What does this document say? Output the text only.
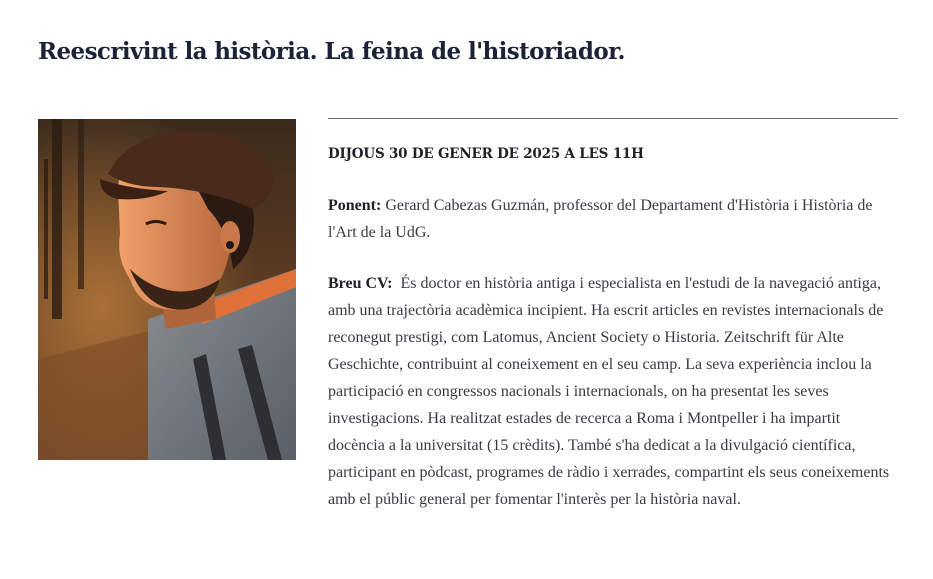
Reescrivint la història. La feina de l'historiador.

DIJOUS 30 DE GENER DE 2025 A LES 11H

Ponent: Gerard Cabezas Guzmán, professor del Departament d'Història i Història de l'Art de la UdG.

Breu CV: És doctor en història antiga i especialista en l'estudi de la navegació antiga, amb una trajectòria acadèmica incipient. Ha escrit articles en revistes internacionals de reconegut prestigi, com Latomus, Ancient Society o Historia. Zeitschrift für Alte Geschichte, contribuint al coneixement en el seu camp. La seva experiència inclou la participació en congressos nacionals i internacionals, on ha presentat les seves investigacions. Ha realitzat estades de recerca a Roma i Montpeller i ha impartit docència a la universitat (15 crèdits). També s'ha dedicat a la divulgació científica, participant en pòdcast, programes de ràdio i xerrades, compartint els seus coneixements amb el públic general per fomentar l'interès per la història naval.
